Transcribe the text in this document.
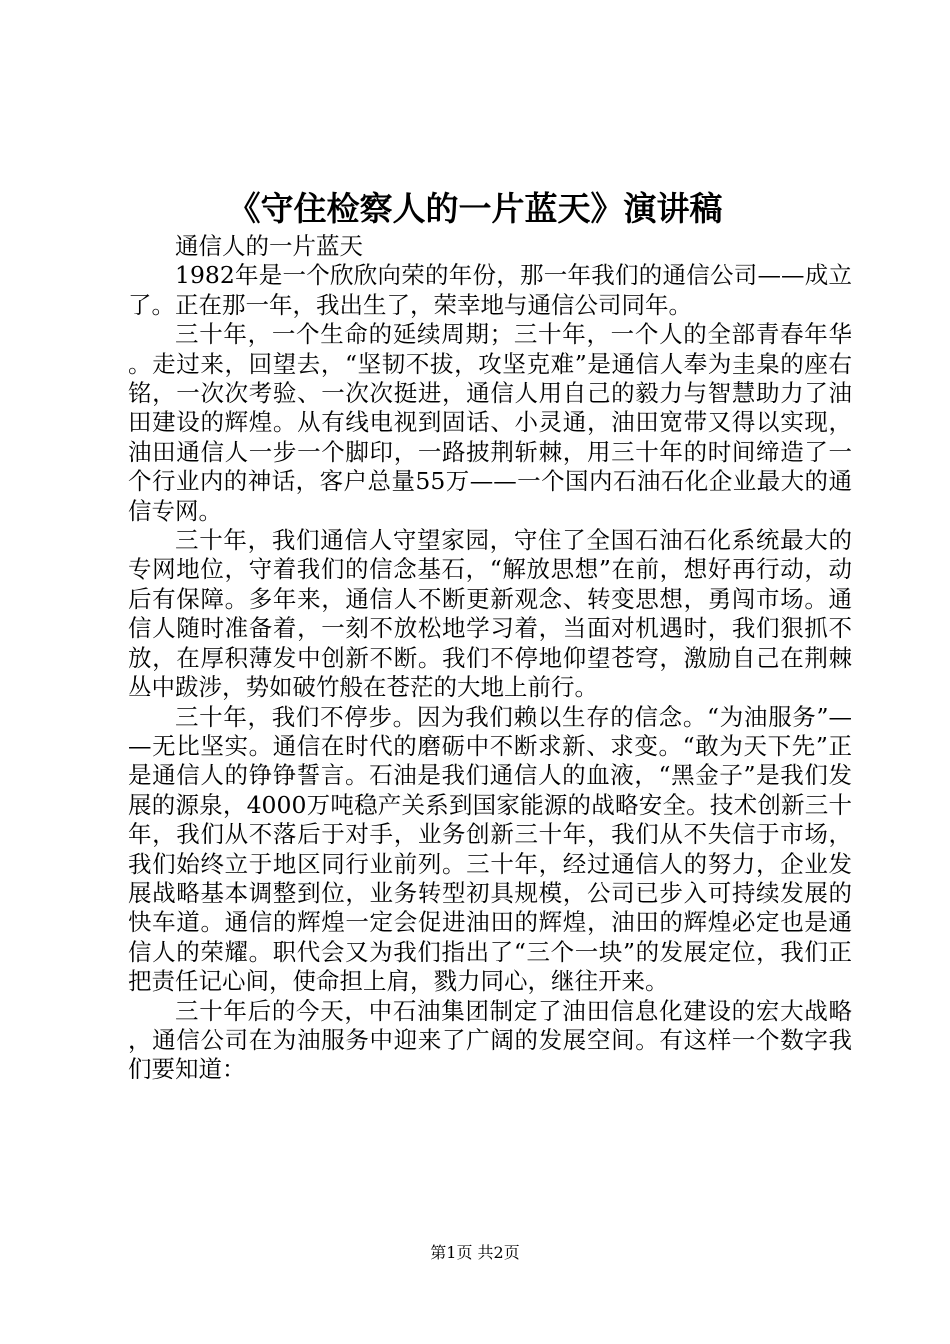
《守住检察人的一片蓝天》演讲稿

通信人的一片蓝天

1982年是一个欣欣向荣的年份，那一年我们的通信公司——成立了。正在那一年，我出生了，荣幸地与通信公司同年。

三十年，一个生命的延续周期；三十年，一个人的全部青春年华。走过来，回望去，“坚韧不拔，攻坚克难”是通信人奉为圭臬的座右铭，一次次考验、一次次挺进，通信人用自己的毅力与智慧助力了油田建设的辉煌。从有线电视到固话、小灵通，油田宽带又得以实现，油田通信人一步一个脚印，一路披荆斩棘，用三十年的时间缔造了一个行业内的神话，客户总量55万——一个国内石油石化企业最大的通信专网。

三十年，我们通信人守望家园，守住了全国石油石化系统最大的专网地位，守着我们的信念基石，“解放思想”在前，想好再行动，动后有保障。多年来，通信人不断更新观念、转变思想，勇闯市场。通信人随时准备着，一刻不放松地学习着，当面对机遇时，我们狠抓不放，在厚积薄发中创新不断。我们不停地仰望苍穹，激励自己在荆棘丛中跋涉，势如破竹般在苍茫的大地上前行。

三十年，我们不停步。因为我们赖以生存的信念。“为油服务”——无比坚实。通信在时代的磨砺中不断求新、求变。“敢为天下先”正是通信人的铮铮誓言。石油是我们通信人的血液，“黑金子”是我们发展的源泉，4000万吨稳产关系到国家能源的战略安全。技术创新三十年，我们从不落后于对手，业务创新三十年，我们从不失信于市场，我们始终立于地区同行业前列。三十年，经过通信人的努力，企业发展战略基本调整到位，业务转型初具规模，公司已步入可持续发展的快车道。通信的辉煌一定会促进油田的辉煌，油田的辉煌必定也是通信人的荣耀。职代会又为我们指出了“三个一块”的发展定位，我们正把责任记心间，使命担上肩，戮力同心，继往开来。

三十年后的今天，中石油集团制定了油田信息化建设的宏大战略，通信公司在为油服务中迎来了广阔的发展空间。有这样一个数字我们要知道：

第1页 共2页
